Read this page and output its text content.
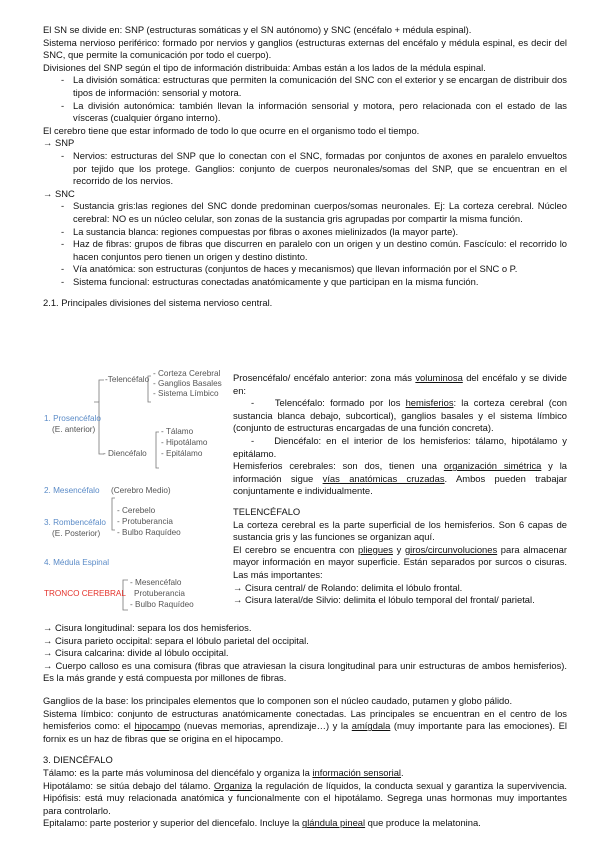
El SN se divide en: SNP (estructuras somáticas y el SN autónomo) y SNC (encéfalo + médula espinal).

Sistema nervioso periférico: formado por nervios y ganglios (estructuras externas del encéfalo y médula espinal, es decir del SNC, que permite la comunicación por todo el cuerpo).

Divisiones del SNP según el tipo de información distribuida: Ambas están a los lados de la médula espinal.

- La división somática: estructuras que permiten la comunicación del SNC con el exterior y se encargan de distribuir dos tipos de información: sensorial y motora.
- La división autonómica: también llevan la información sensorial y motora, pero relacionada con el estado de las vísceras (cualquier órgano interno).

El cerebro tiene que estar informado de todo lo que ocurre en el organismo todo el tiempo.

→ SNP

- Nervios: estructuras del SNP que lo conectan con el SNC, formadas por conjuntos de axones en paralelo envueltos por tejido que los protege. Ganglios: conjunto de cuerpos neuronales/somas del SNP, que se encuentran en el recorrido de los nervios.

→ SNC

- Sustancia gris:las regiones del SNC donde predominan cuerpos/somas neuronales. Ej: La corteza cerebral. Núcleo cerebral: NO es un núcleo celular, son zonas de la sustancia gris agrupadas por compartir la misma función.
- La sustancia blanca: regiones compuestas por fibras o axones mielinizados (la mayor parte).
- Haz de fibras: grupos de fibras que discurren en paralelo con un origen y un destino común. Fascículo: el recorrido lo hacen conjuntos pero tienen un origen y destino distinto.
- Vía anatómica: son estructuras (conjuntos de haces y mecanismos) que llevan información por el SNC o P.
- Sistema funcional: estructuras conectadas anatómicamente y que participan en la misma función.

2.1. Principales divisiones del sistema nervioso central.

- Corteza Cerebral
- Ganglios Basales
- Sistema Límbico
-Telencéfalo
1. Prosencéfalo
(E. anterior)	- Tálamo
- Hipotálamo
- Epitálamo
- Diencéfalo
2. Mesencéfalo (Cerebro Medio)
- Cerebelo
3. Rombencéfalo - Protuberancia
(E. Posterior) - Bulbo Raquídeo
4. Médula Espinal
- Mesencéfalo
TRONCO CEREBRAL Protuberancia
- Bulbo Raquídeo

Prosencéfalo/ encéfalo anterior: zona más voluminosa del encéfalo y se divide en:

- Telencéfalo: formado por los hemisferios: la corteza cerebral (con sustancia blanca debajo, subcortical), ganglios basales y el sistema límbico (conjunto de estructuras encargadas de una función concreta).

- Diencéfalo: en el interior de los hemisferios: tálamo, hipotálamo y epitálamo.

Hemisferios cerebrales: son dos, tienen una organización simétrica y la información sigue vías anatómicas cruzadas. Ambos pueden trabajar conjuntamente e individualmente.

TELENCÉFALO

La corteza cerebral es la parte superficial de los hemisferios. Son 6 capas de sustancia gris y las funciones se organizan aquí.

El cerebro se encuentra con pliegues y giros/circunvoluciones para almacenar mayor información en mayor superficie. Están separados por surcos o cisuras. Las más importantes:

→ Cisura central/ de Rolando: delimita el lóbulo frontal.

→ Cisura lateral/de Silvio: delimita el lóbulo temporal del frontal/ parietal.

→ Cisura longitudinal: separa los dos hemisferios.

→ Cisura parieto occipital: separa el lóbulo parietal del occipital.

→ Cisura calcarina: divide al lóbulo occipital.

→ Cuerpo calloso es una comisura (fibras que atraviesan la cisura longitudinal para unir estructuras de ambos hemisferios). Es la más grande y está compuesta por millones de fibras.

Ganglios de la base: los principales elementos que lo componen son el núcleo caudado, putamen y globo pálido.

Sistema límbico: conjunto de estructuras anatómicamente conectadas. Las principales se encuentran en el centro de los hemisferios como: el hipocampo (nuevas memorias, aprendizaje…) y la amígdala (muy importante para las emociones). El fornix es un haz de fibras que se origina en el hipocampo.

3. DIENCÉFALO

Tálamo: es la parte más voluminosa del diencéfalo y organiza la información sensorial.

Hipotálamo: se sitúa debajo del tálamo. Organiza la regulación de líquidos, la conducta sexual y garantiza la supervivencia. Hipófisis: está muy relacionada anatómica y funcionalmente con el hipotálamo. Segrega unas hormonas muy importantes para controlarlo.

Epitalamo: parte posterior y superior del diencefalo. Incluye la glándula pineal que produce la melatonina.
